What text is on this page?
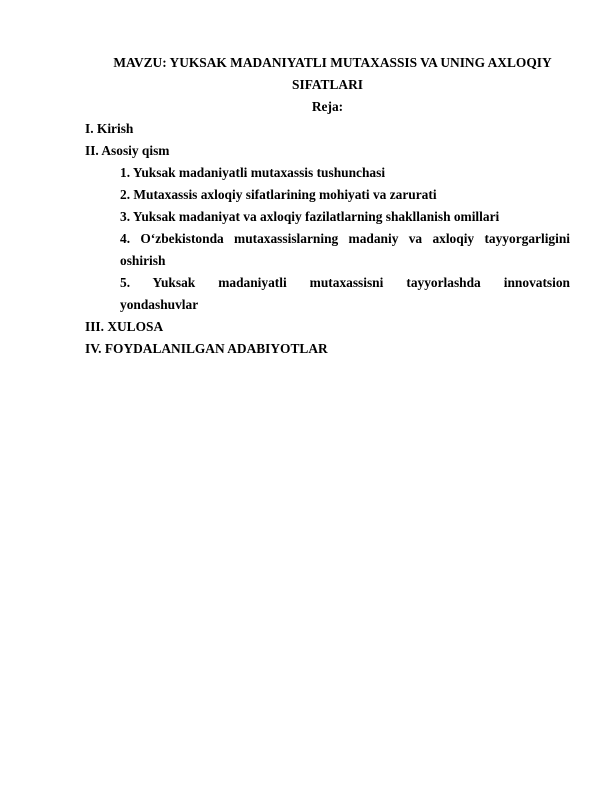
MAVZU: YUKSAK MADANIYATLI MUTAXASSIS VA UNING AXLOQIY
SIFATLARI
Reja:
I. Kirish
II. Asosiy qism
1. Yuksak madaniyatli mutaxassis tushunchasi
2. Mutaxassis axloqiy sifatlarining mohiyati va zarurati
3. Yuksak madaniyat va axloqiy fazilatlarning shakllanish omillari
4. O‘zbekistonda mutaxassislarning madaniy va axloqiy tayyorgarligini
oshirish
5. Yuksak madaniyatli mutaxassisni tayyorlashda innovatsion
yondashuvlar
III. XULOSA
IV. FOYDALANILGAN ADABIYOTLAR
